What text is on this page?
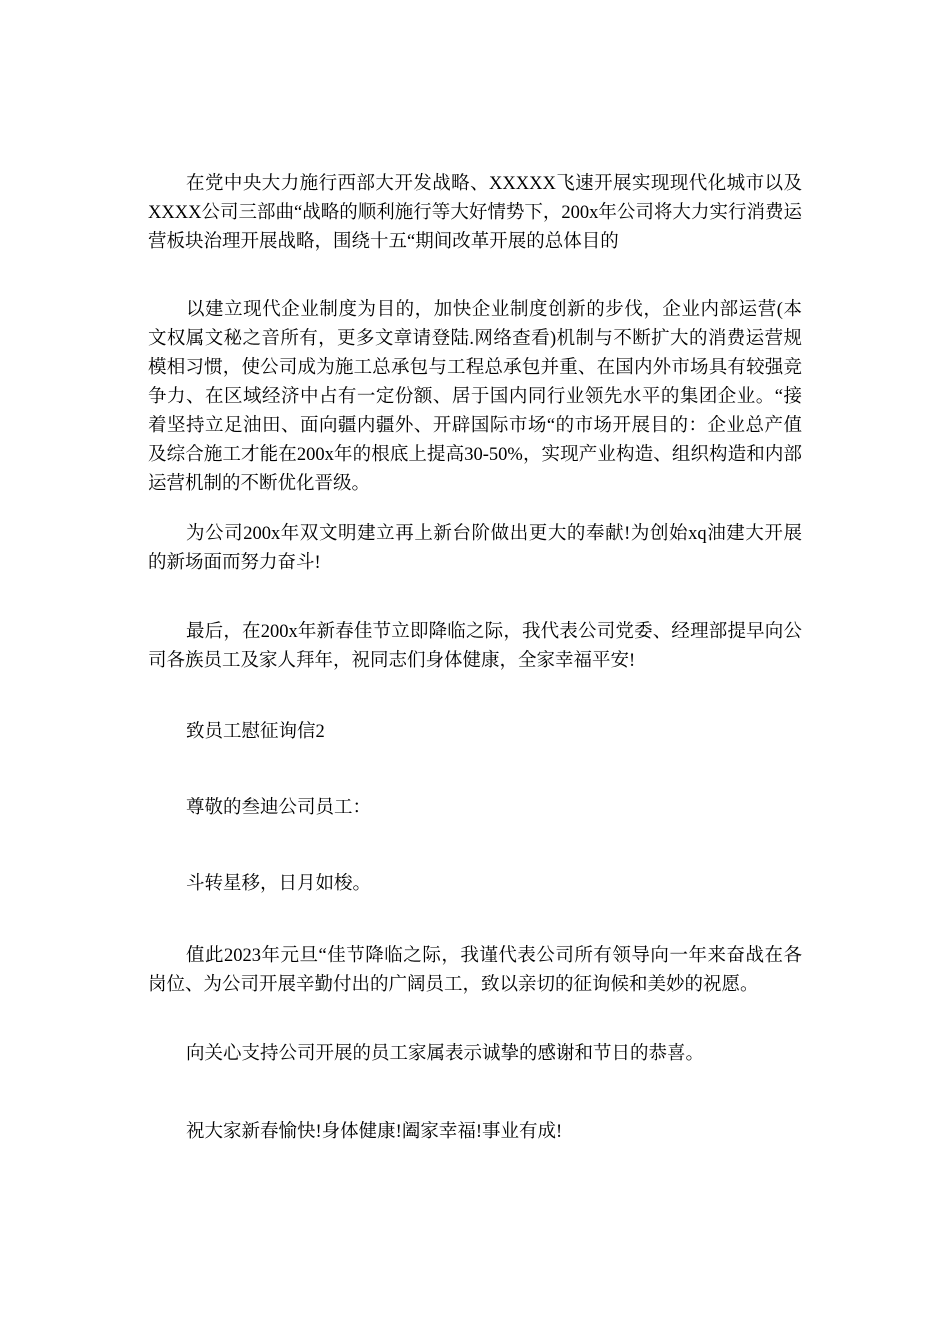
在党中央大力施行西部大开发战略、XXXXX飞速开展实现现代化城市以及XXXX公司三部曲“战略的顺利施行等大好情势下，200x年公司将大力实行消费运营板块治理开展战略，围绕十五“期间改革开展的总体目的

以建立现代企业制度为目的，加快企业制度创新的步伐，企业内部运营(本文权属文秘之音所有，更多文章请登陆.网络查看)机制与不断扩大的消费运营规模相习惯，使公司成为施工总承包与工程总承包并重、在国内外市场具有较强竞争力、在区域经济中占有一定份额、居于国内同行业领先水平的集团企业。“接着坚持立足油田、面向疆内疆外、开辟国际市场“的市场开展目的：企业总产值及综合施工才能在200x年的根底上提高30-50%，实现产业构造、组织构造和内部运营机制的不断优化晋级。

为公司200x年双文明建立再上新台阶做出更大的奉献!为创始xq油建大开展的新场面而努力奋斗!

最后，在200x年新春佳节立即降临之际，我代表公司党委、经理部提早向公司各族员工及家人拜年，祝同志们身体健康，全家幸福平安!

致员工慰征询信2

尊敬的叁迪公司员工：

斗转星移，日月如梭。

值此2023年元旦“佳节降临之际，我谨代表公司所有领导向一年来奋战在各岗位、为公司开展辛勤付出的广阔员工，致以亲切的征询候和美妙的祝愿。

向关心支持公司开展的员工家属表示诚挚的感谢和节日的恭喜。

祝大家新春愉快!身体健康!阖家幸福!事业有成!
